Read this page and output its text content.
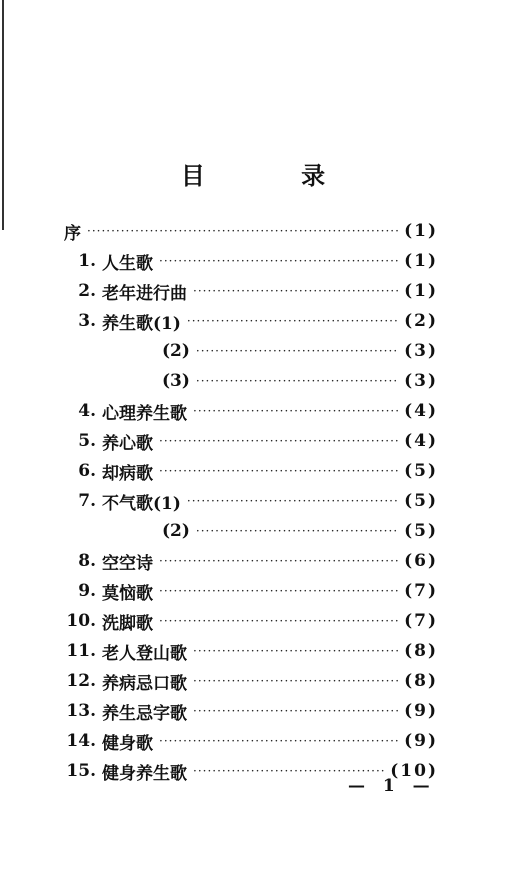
目 录
序 ·····	(1)
1. 人生歌 ·····	(1)
2. 老年进行曲 ·····	(1)
3. 养生歌(1) ·····	(2)
(2) ·····	(3)
(3) ·····	(3)
4. 心理养生歌 ·····	(4)
5. 养心歌 ·····	(4)
6. 却病歌 ·····	(5)
7. 不气歌(1) ·····	(5)
(2) ·····	(5)
8. 空空诗 ·····	(6)
9. 莫恼歌 ·····	(7)
10. 洗脚歌 ·····	(7)
11. 老人登山歌 ·····	(8)
12. 养病忌口歌 ·····	(8)
13. 养生忌字歌 ·····	(9)
14. 健身歌 ·····	(9)
15. 健身养生歌 ·····	(10)
— 1 —
